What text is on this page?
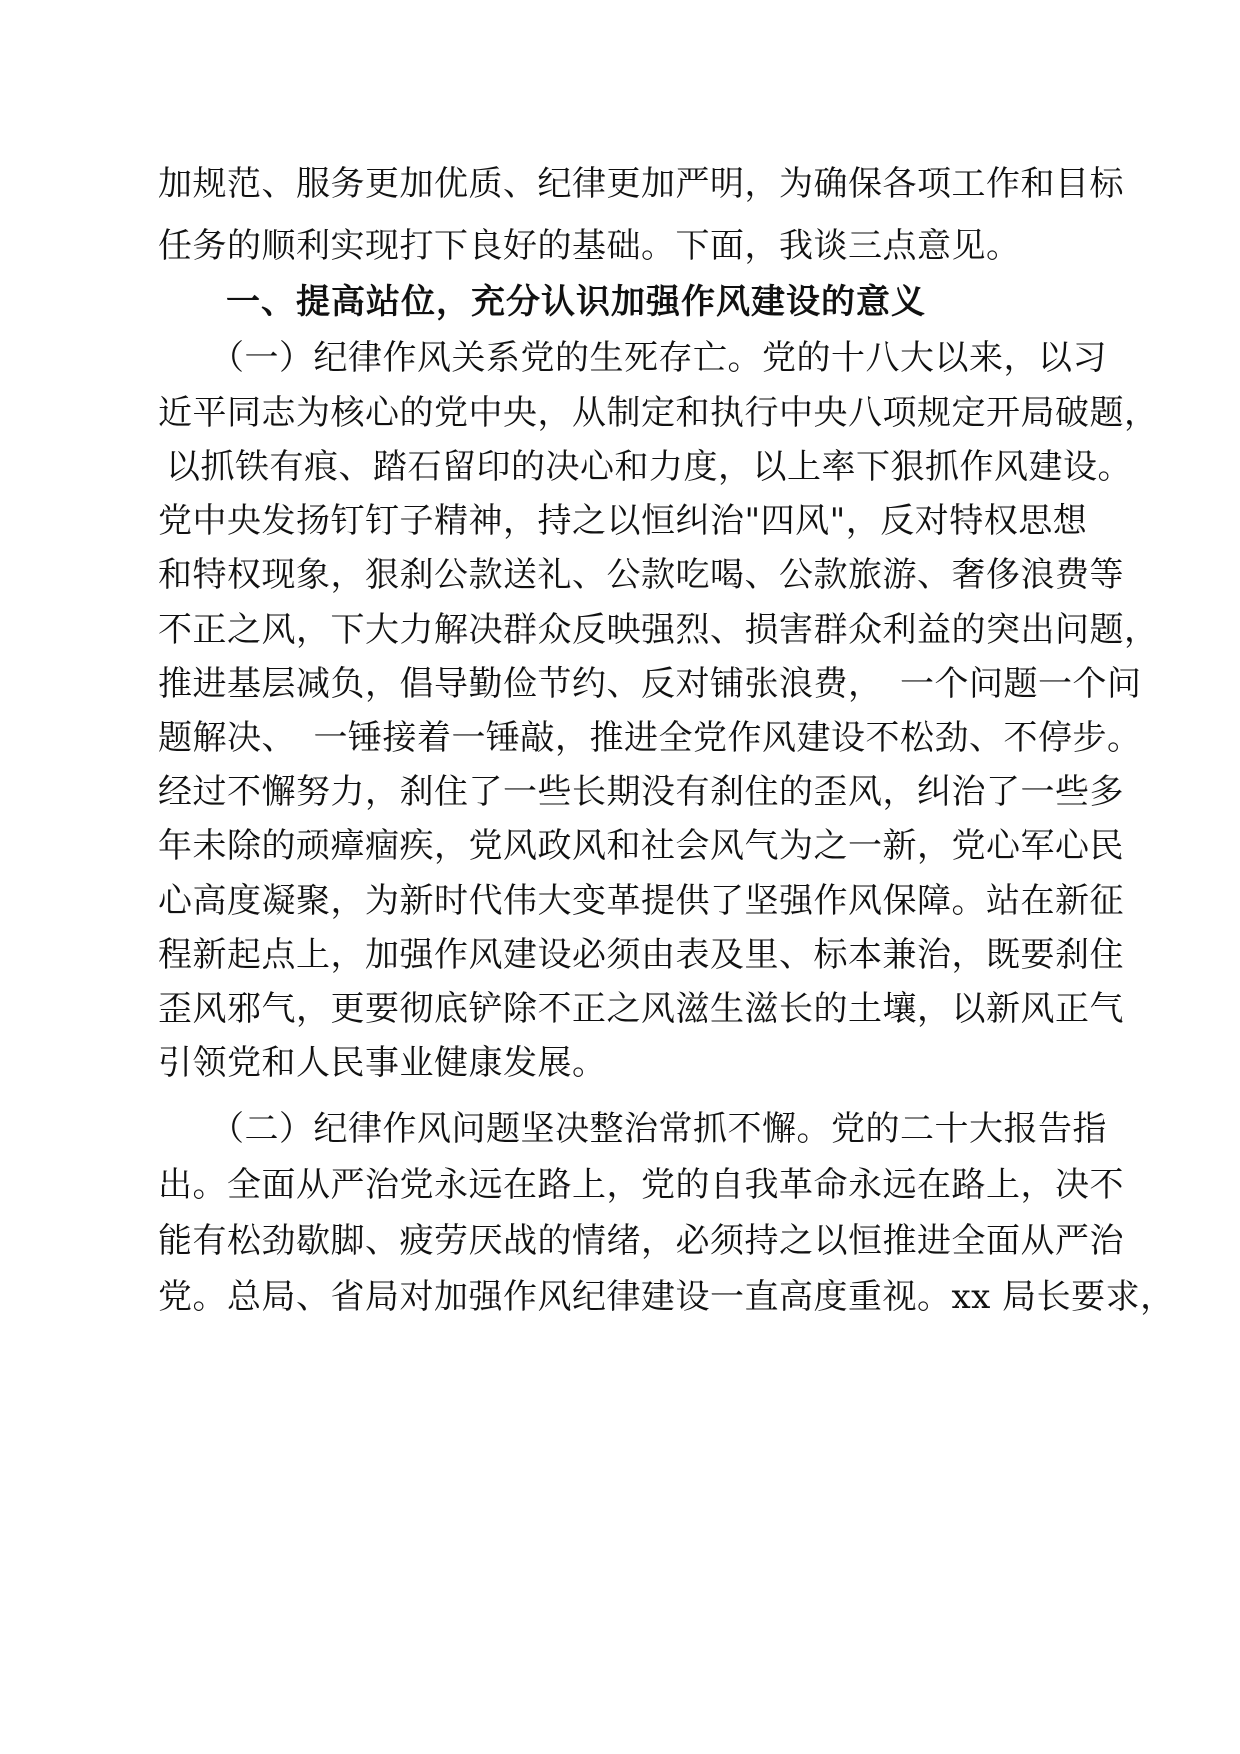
加规范、服务更加优质、纪律更加严明，为确保各项工作和目标
任务的顺利实现打下良好的基础。下面，我谈三点意见。
一、提高站位，充分认识加强作风建设的意义
（一）纪律作风关系党的生死存亡。党的十八大以来，以习
近平同志为核心的党中央，从制定和执行中央八项规定开局破题，
以抓铁有痕、踏石留印的决心和力度，以上率下狠抓作风建设。
党中央发扬钉钉子精神，持之以恒纠治"四风"，反对特权思想
和特权现象，狠刹公款送礼、公款吃喝、公款旅游、奢侈浪费等
不正之风，下大力解决群众反映强烈、损害群众利益的突出问题，
推进基层减负，倡导勤俭节约、反对铺张浪费，　一个问题一个问
题解决、　一锤接着一锤敲，推进全党作风建设不松劲、不停步。
经过不懈努力，刹住了一些长期没有刹住的歪风，纠治了一些多
年未除的顽瘴痼疾，党风政风和社会风气为之一新，党心军心民
心高度凝聚，为新时代伟大变革提供了坚强作风保障。站在新征
程新起点上，加强作风建设必须由表及里、标本兼治，既要刹住
歪风邪气，更要彻底铲除不正之风滋生滋长的土壤，以新风正气
引领党和人民事业健康发展。
（二）纪律作风问题坚决整治常抓不懈。党的二十大报告指
出。全面从严治党永远在路上，党的自我革命永远在路上，决不
能有松劲歇脚、疲劳厌战的情绪，必须持之以恒推进全面从严治
党。总局、省局对加强作风纪律建设一直高度重视。xx 局长要求，
